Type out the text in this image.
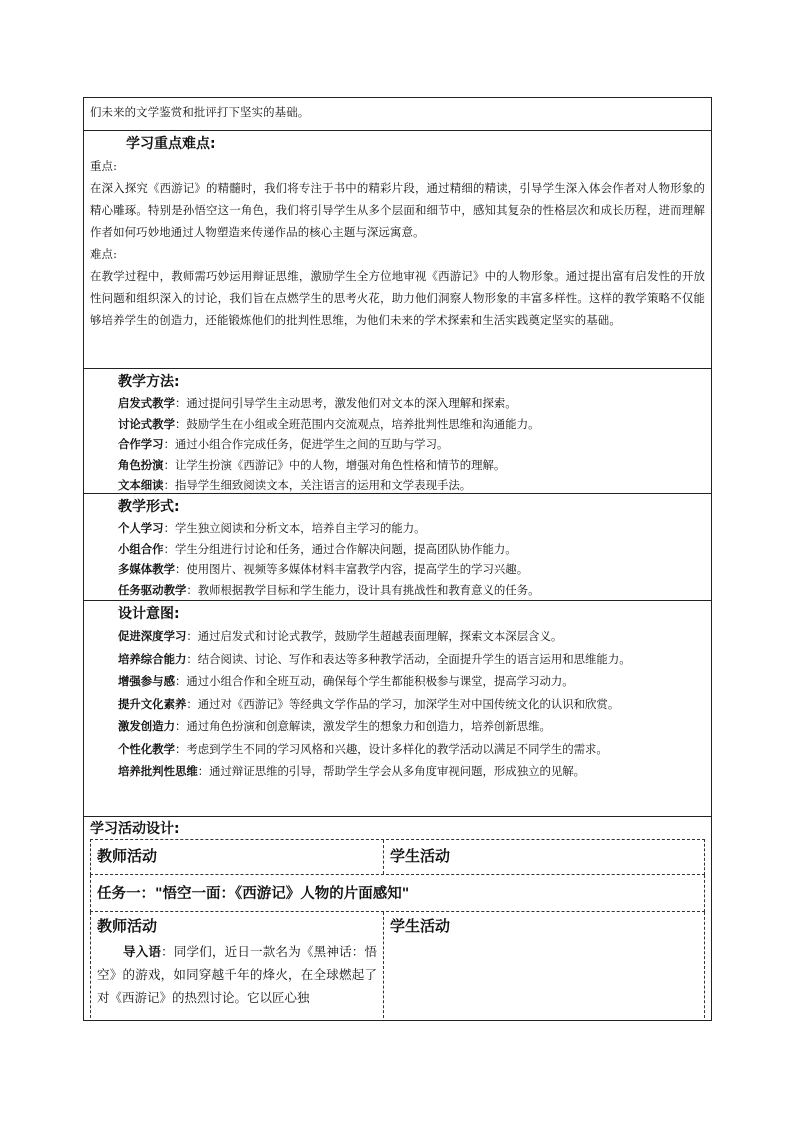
们未来的文学鉴赏和批评打下坚实的基础。

学习重点难点:

重点:

在深入探究《西游记》的精髓时，我们将专注于书中的精彩片段，通过精细的精读，引导学生深入体会作者对人物形象的精心雕琢。特别是孙悟空这一角色，我们将引导学生从多个层面和细节中，感知其复杂的性格层次和成长历程，进而理解作者如何巧妙地通过人物塑造来传递作品的核心主题与深远寓意。

难点:

在教学过程中，教师需巧妙运用辩证思维，激励学生全方位地审视《西游记》中的人物形象。通过提出富有启发性的开放性问题和组织深入的讨论，我们旨在点燃学生的思考火花，助力他们洞察人物形象的丰富多样性。这样的教学策略不仅能够培养学生的创造力，还能锻炼他们的批判性思维，为他们未来的学术探索和生活实践奠定坚实的基础。

教学方法:

启发式教学：通过提问引导学生主动思考，激发他们对文本的深入理解和探索。

讨论式教学：鼓励学生在小组或全班范围内交流观点，培养批判性思维和沟通能力。

合作学习：通过小组合作完成任务，促进学生之间的互助与学习。

角色扮演：让学生扮演《西游记》中的人物，增强对角色性格和情节的理解。

文本细读：指导学生细致阅读文本，关注语言的运用和文学表现手法。

教学形式:

个人学习：学生独立阅读和分析文本，培养自主学习的能力。

小组合作：学生分组进行讨论和任务，通过合作解决问题，提高团队协作能力。

多媒体教学：使用图片、视频等多媒体材料丰富教学内容，提高学生的学习兴趣。

任务驱动教学：教师根据教学目标和学生能力，设计具有挑战性和教育意义的任务。

设计意图:

促进深度学习：通过启发式和讨论式教学，鼓励学生超越表面理解，探索文本深层含义。

培养综合能力：结合阅读、讨论、写作和表达等多种教学活动，全面提升学生的语言运用和思维能力。

增强参与感：通过小组合作和全班互动，确保每个学生都能积极参与课堂，提高学习动力。

提升文化素养：通过对《西游记》等经典文学作品的学习，加深学生对中国传统文化的认识和欣赏。

激发创造力：通过角色扮演和创意解读，激发学生的想象力和创造力，培养创新思维。

个性化教学：考虑到学生不同的学习风格和兴趣，设计多样化的教学活动以满足不同学生的需求。

培养批判性思维：通过辩证思维的引导，帮助学生学会从多角度审视问题，形成独立的见解。

学习活动设计:

教师活动	学生活动
任务一："悟空一面：《西游记》人物的片面感知"
教师活动

导入语：同学们，近日一款名为《黑神话：悟空》的游戏，如同穿越千年的烽火，在全球燃起了对《西游记》的热烈讨论。它以匠心独

学生活动
